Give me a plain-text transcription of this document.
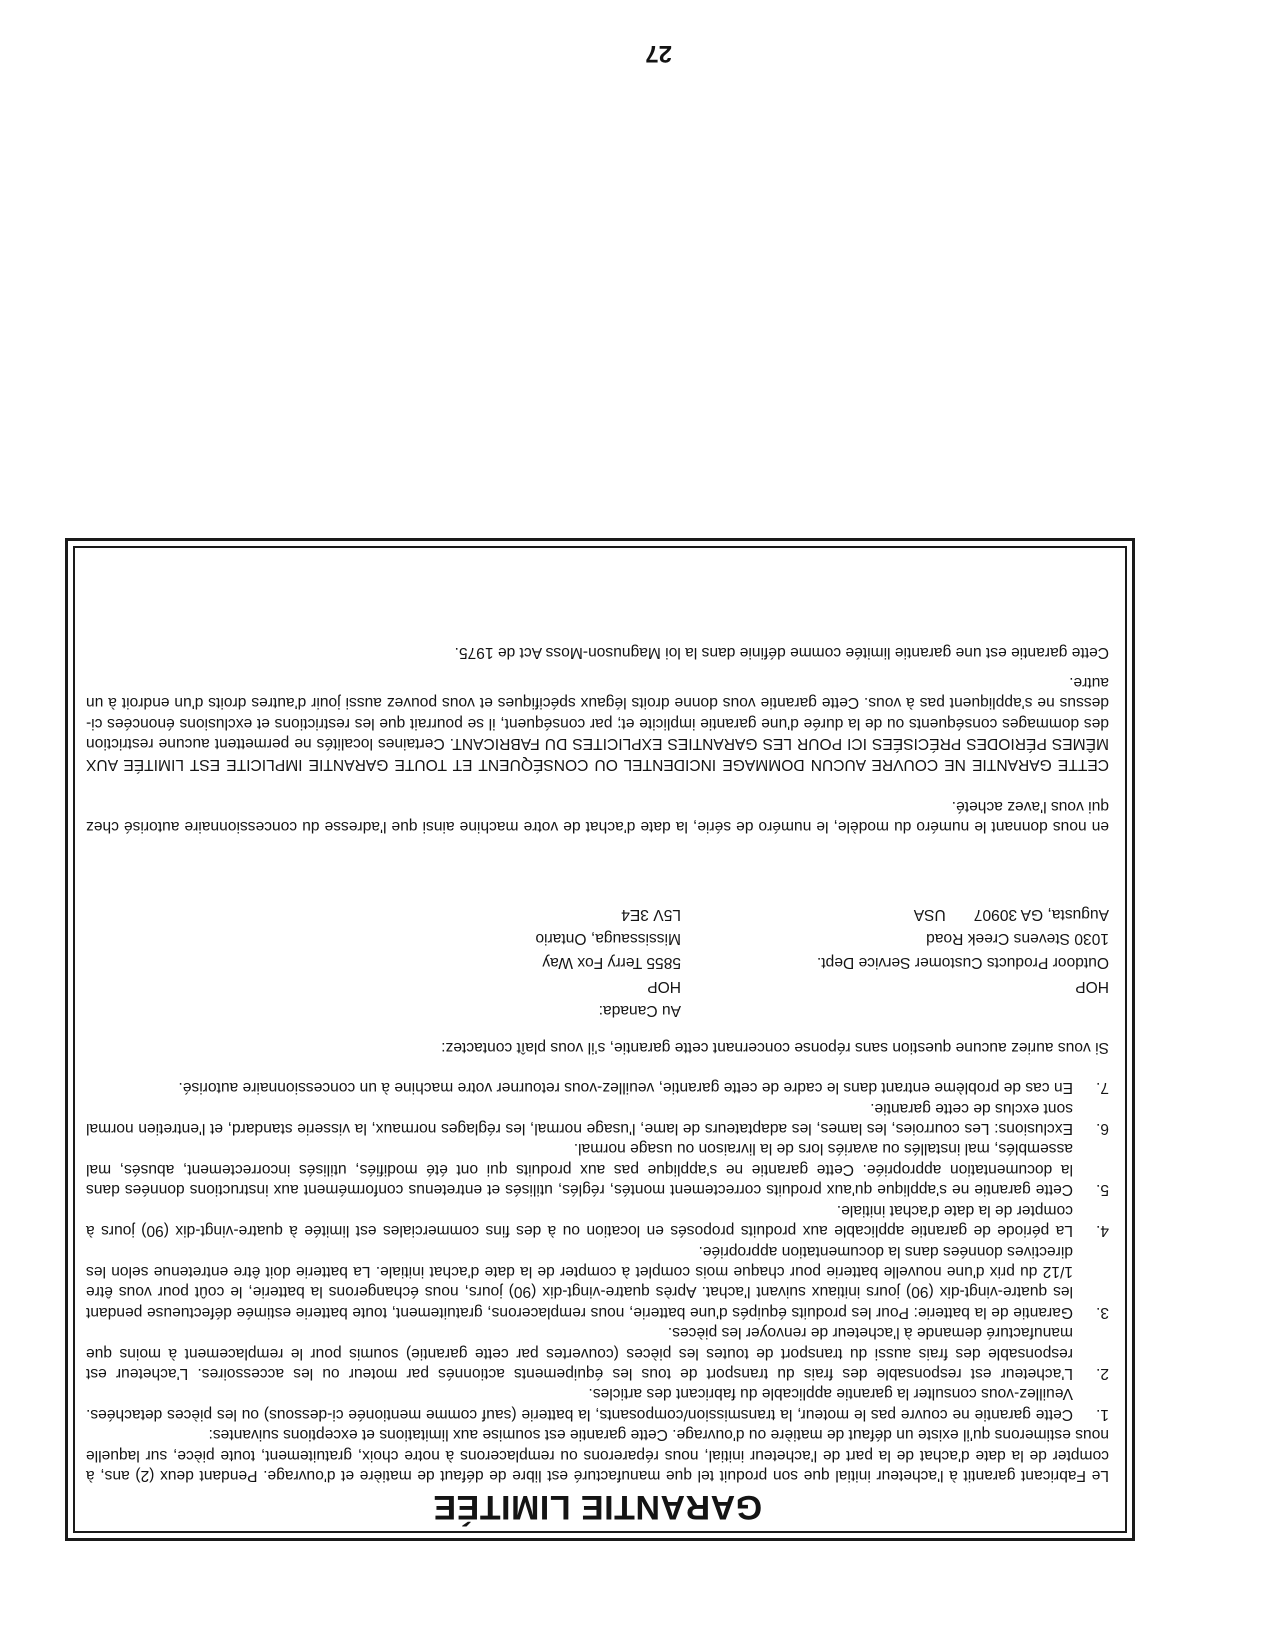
GARANTIE LIMITÉE

Le Fabricant garantit à l'acheteur initial que son produit tel que manufacturé est libre de défaut de matière et d'ouvrage. Pendant deux (2) ans, à compter de la date d'achat de la part de l'acheteur initial, nous réparerons ou remplacerons à notre choix, gratuitement, toute pièce, sur laquelle nous estimerons qu'il existe un défaut de matière ou d'ouvrage. Cette garantie est soumise aux limitations et exceptions suivantes:

1.
Cette garantie ne couvre pas le moteur, la transmission/composants, la batterie (sauf comme mentionée ci-dessous) ou les pièces detachées. Veuillez-vous consulter la garantie applicable du fabricant des articles.
2.
L'acheteur est responsable des frais du transport de tous les équipements actionnés par moteur ou les accessoires. L'acheteur est responsable des frais aussi du transport de toutes les pièces (couvertes par cette garantie) soumis pour le remplacement à moins que manufacturé demande à l'acheteur de renvoyer les pièces.
3.
Garantie de la batterie: Pour les produits équipés d'une batterie, nous remplacerons, gratuitement, toute batterie estimée défectueuse pendant les quatre-vingt-dix (90) jours initiaux suivant l'achat. Après quatre-vingt-dix (90) jours, nous échangerons la batterie, le coût pour vous être 1/12 du prix d'une nouvelle batterie pour chaque mois complet à compter de la date d'achat initiale. La batterie doit être entretenue selon les directives données dans la documentation appropriée.
4.
La période de garantie applicable aux produits proposés en location ou à des fins commerciales est limitée à quatre-vingt-dix (90) jours à compter de la date d'achat initiale.
5.
Cette garantie ne s'applique qu'aux produits correctement montés, réglés, utilisés et entretenus conformément aux instructions données dans la documentation appropriée. Cette garantie ne s'applique pas aux produits qui ont été modifiés, utilisés incorrectement, abusés, mal assemblés, mal installés ou avariés lors de la livraison ou usage normal.
6.
Exclusions: Les courroies, les lames, les adaptateurs de lame, l'usage normal, les réglages normaux, la visserie standard, et l'entretien normal sont exclus de cette garantie.
7.
En cas de problème entrant dans le cadre de cette garantie, veuillez-vous retourner votre machine à un concessionnaire autorisé.

Si vous auriez aucune question sans réponse concernant cette garantie, s'il vous plaît contactez:

HOP
Outdoor Products Customer Service Dept.
1030 Stevens Creek Road
Augusta, GA 30907USA
Au Canada:
HOP
5855 Terry Fox Way
Mississauga, Ontario
L5V 3E4

en nous donnant le numéro du modèle, le numéro de série, la date d'achat de votre machine ainsi que l'adresse du concessionnaire autorisé chez qui vous l'avez acheté.

CETTE GARANTIE NE COUVRE AUCUN DOMMAGE INCIDENTEL OU CONSÉQUENT ET TOUTE GARANTIE IMPLICITE EST LIMITÉE AUX MÊMES PÉRIODES PRÉCISÉES ICI POUR LES GARANTIES EXPLICITES DU FABRICANT. Certaines localités ne permettent aucune restriction des dommages conséquents ou de la durée d'une garantie implicite et; par conséquent, il se pourrait que les restrictions et exclusions énoncées ci-dessus ne s'appliquent pas à vous. Cette garantie vous donne droits légaux spécifiques et vous pouvez aussi jouir d'autres droits d'un endroit à un autre.

Cette garantie est une garantie limitée comme définie dans la loi Magnuson-Moss Act de 1975.

27
